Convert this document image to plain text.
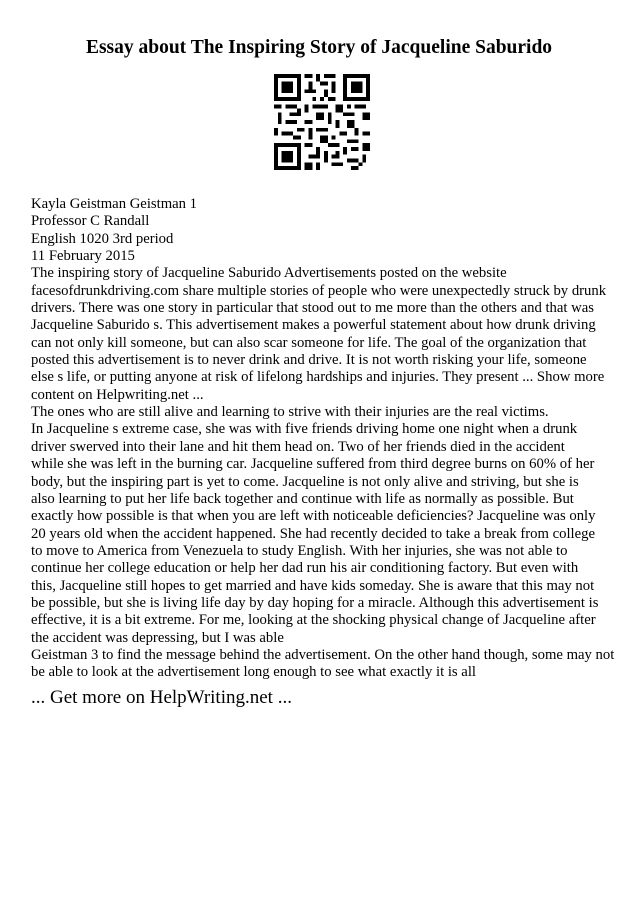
Essay about The Inspiring Story of Jacqueline Saburido
Kayla Geistman Geistman 1
Professor C Randall
English 1020 3rd period
11 February 2015
The inspiring story of Jacqueline Saburido Advertisements posted on the website
facesofdrunkdriving.com share multiple stories of people who were unexpectedly struck by drunk
drivers. There was one story in particular that stood out to me more than the others and that was
Jacqueline Saburido s. This advertisement makes a powerful statement about how drunk driving
can not only kill someone, but can also scar someone for life. The goal of the organization that
posted this advertisement is to never drink and drive. It is not worth risking your life, someone
else s life, or putting anyone at risk of lifelong hardships and injuries. They present ... Show more
content on Helpwriting.net ...
The ones who are still alive and learning to strive with their injuries are the real victims.
In Jacqueline s extreme case, she was with five friends driving home one night when a drunk
driver swerved into their lane and hit them head on. Two of her friends died in the accident
while she was left in the burning car. Jacqueline suffered from third degree burns on 60% of her
body, but the inspiring part is yet to come. Jacqueline is not only alive and striving, but she is
also learning to put her life back together and continue with life as normally as possible. But
exactly how possible is that when you are left with noticeable deficiencies? Jacqueline was only
20 years old when the accident happened. She had recently decided to take a break from college
to move to America from Venezuela to study English. With her injuries, she was not able to
continue her college education or help her dad run his air conditioning factory. But even with
this, Jacqueline still hopes to get married and have kids someday. She is aware that this may not
be possible, but she is living life day by day hoping for a miracle. Although this advertisement is
effective, it is a bit extreme. For me, looking at the shocking physical change of Jacqueline after
the accident was depressing, but I was able
Geistman 3 to find the message behind the advertisement. On the other hand though, some may not
be able to look at the advertisement long enough to see what exactly it is all
... Get more on HelpWriting.net ...
